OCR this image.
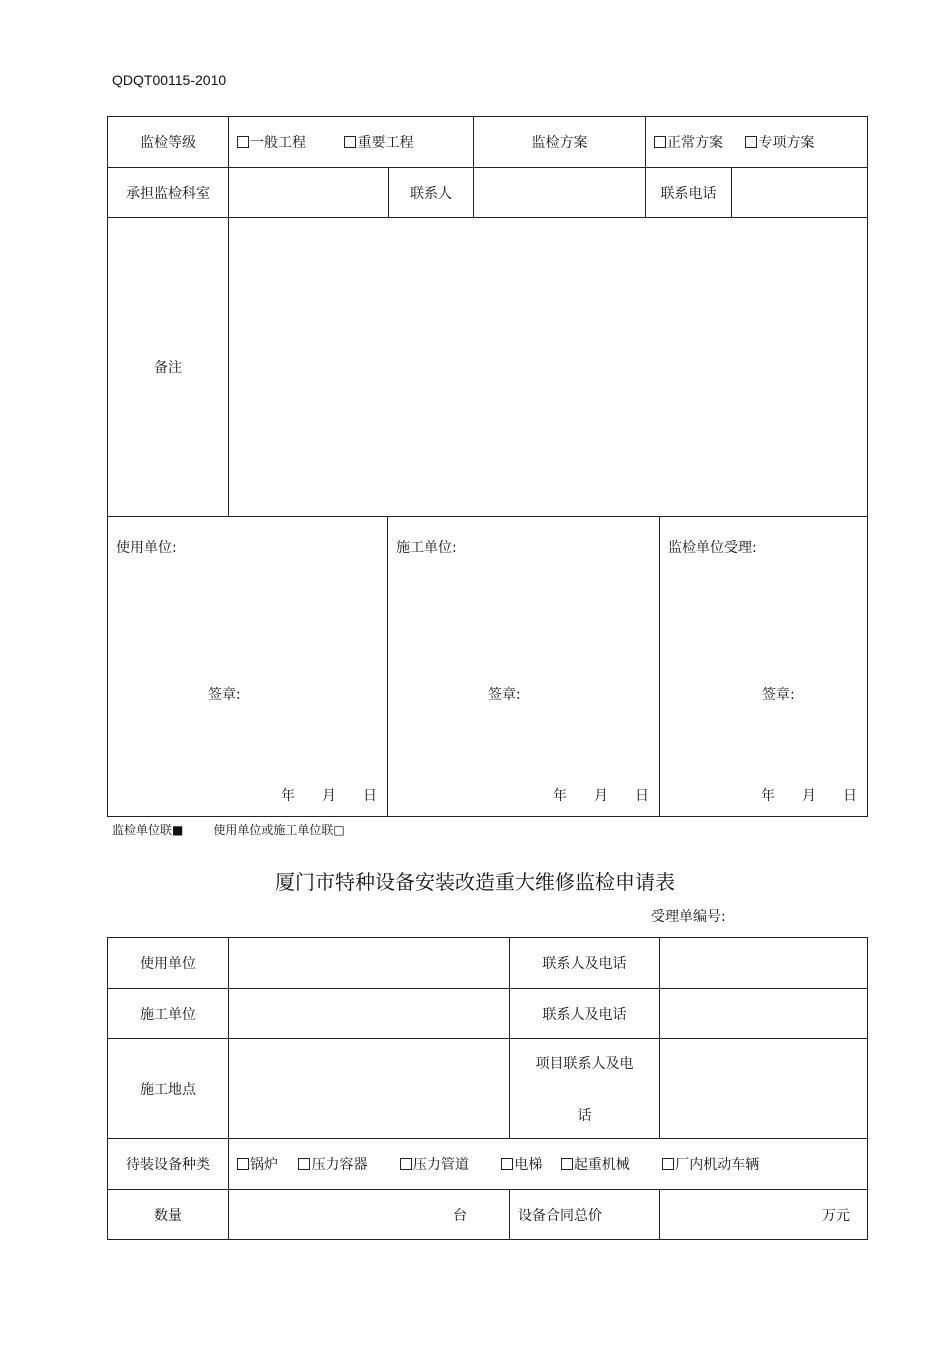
QDQT00115-2010
监检等级	一般工程 重要工程		监检方案	正常方案 专项方案	
承担监检科室		联系人		联系电话	
备注					
使用单位:
签章:
年 月 日

施工单位:
签章:
年 月 日

监检单位受理:
签章:
年 月 日
监检单位联■	使用单位或施工单位联□
厦门市特种设备安装改造重大维修监检申请表
受理单编号:
使用单位		联系人及电话	
施工单位		联系人及电话	
施工地点		项目联系人及电
话	

待装设备种类	锅炉 压力容器 压力管道 电梯 起重机械 厂内机动车辆		
数量	台	设备合同总价	万元
